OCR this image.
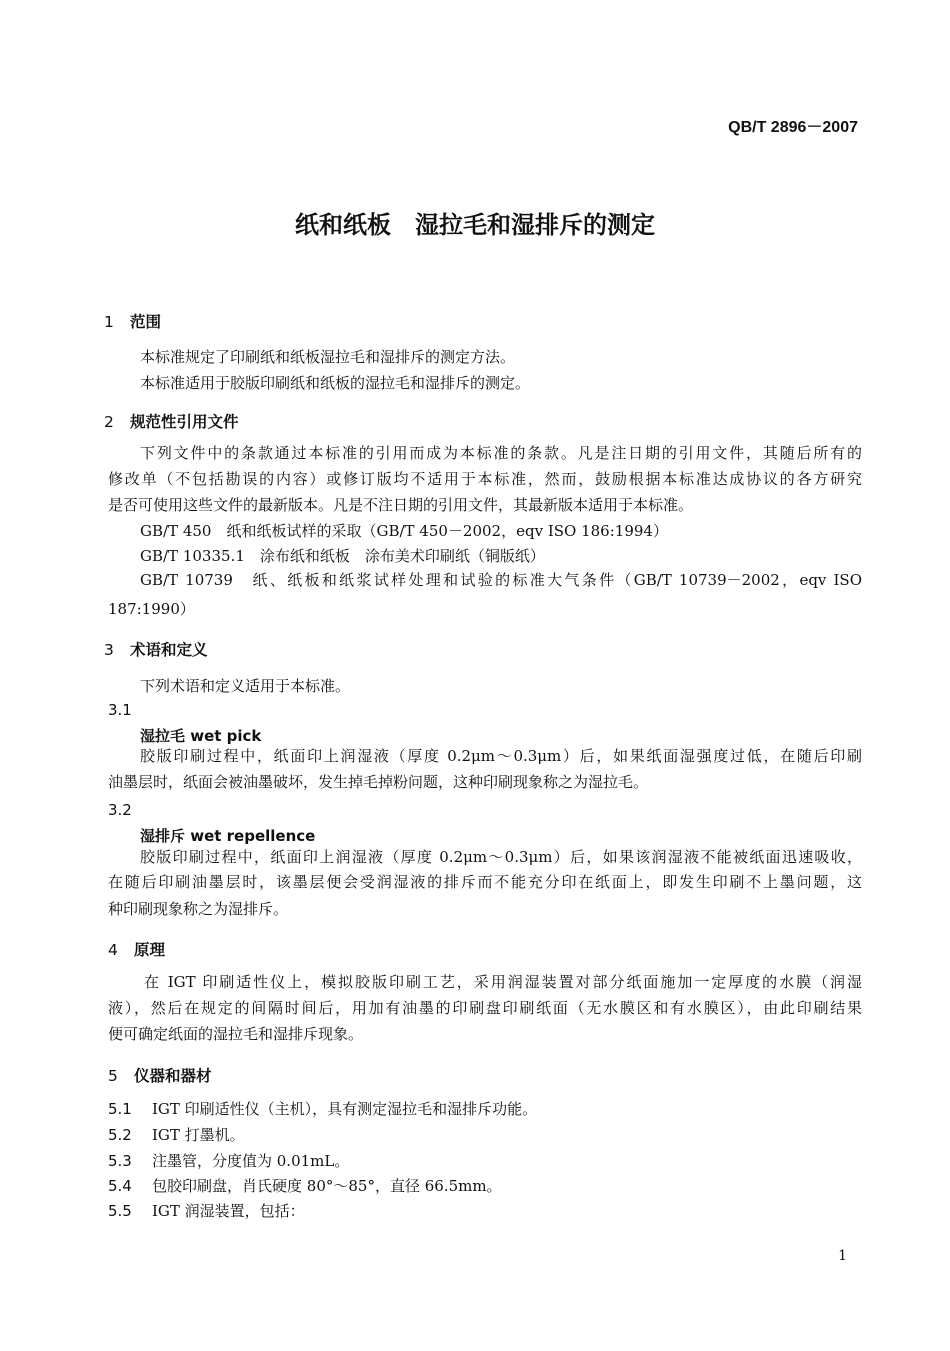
QB/T 2896－2007
纸和纸板　湿拉毛和湿排斥的测定
1 范围
本标准规定了印刷纸和纸板湿拉毛和湿排斥的测定方法。
本标准适用于胶版印刷纸和纸板的湿拉毛和湿排斥的测定。
2 规范性引用文件
下列文件中的条款通过本标准的引用而成为本标准的条款。凡是注日期的引用文件，其随后所有的
修改单（不包括勘误的内容）或修订版均不适用于本标准，然而，鼓励根据本标准达成协议的各方研究
是否可使用这些文件的最新版本。凡是不注日期的引用文件，其最新版本适用于本标准。
GB/T 450　纸和纸板试样的采取（GB/T 450－2002，eqv ISO 186:1994）
GB/T 10335.1　涂布纸和纸板　涂布美术印刷纸（铜版纸）
GB/T 10739　纸、纸板和纸浆试样处理和试验的标准大气条件（GB/T 10739－2002，eqv ISO
187:1990）
3 术语和定义
下列术语和定义适用于本标准。
3.1
湿拉毛 wet pick
胶版印刷过程中，纸面印上润湿液（厚度 0.2μm～0.3μm）后，如果纸面湿强度过低，在随后印刷
油墨层时，纸面会被油墨破坏，发生掉毛掉粉问题，这种印刷现象称之为湿拉毛。
3.2
湿排斥 wet repellence
胶版印刷过程中，纸面印上润湿液（厚度 0.2μm～0.3μm）后，如果该润湿液不能被纸面迅速吸收，
在随后印刷油墨层时，该墨层便会受润湿液的排斥而不能充分印在纸面上，即发生印刷不上墨问题，这
种印刷现象称之为湿排斥。
4 原理
在 IGT 印刷适性仪上，模拟胶版印刷工艺，采用润湿装置对部分纸面施加一定厚度的水膜（润湿
液），然后在规定的间隔时间后，用加有油墨的印刷盘印刷纸面（无水膜区和有水膜区），由此印刷结果
便可确定纸面的湿拉毛和湿排斥现象。
5 仪器和器材
5.1 IGT 印刷适性仪（主机），具有测定湿拉毛和湿排斥功能。
5.2 IGT 打墨机。
5.3 注墨管，分度值为 0.01mL。
5.4 包胶印刷盘，肖氏硬度 80°～85°，直径 66.5mm。
5.5 IGT 润湿装置，包括：
1
